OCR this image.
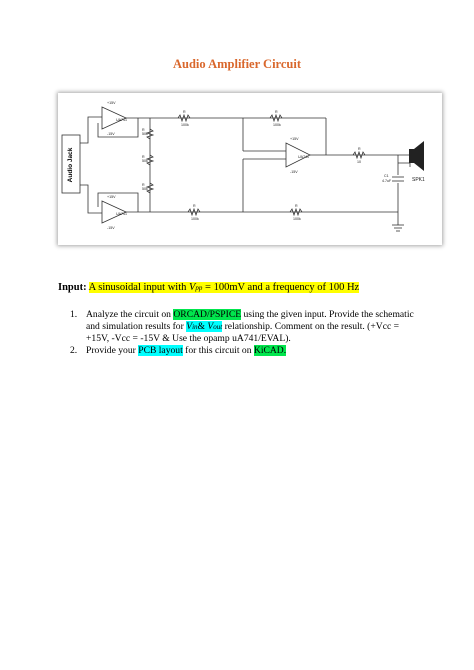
Audio Amplifier Circuit
Audio Jack
+15V
UA741
-15V
+15V
UA741
-15V
+15V
UA741
-15V
R
50k
R
50k
R
50k
R
100k
R
100k
R
100k
R
100k
R
10
C1
4.7uF	SPK1
Input: A sinusoidal input with Vpp = 100mV and a frequency of 100 Hz
1. Analyze the circuit on ORCAD/PSPICE using the given input. Provide the schematic and simulation results for Vin& Vout relationship. Comment on the result. (+Vcc = +15V, -Vcc = -15V & Use the opamp uA741/EVAL).
2. Provide your PCB layout for this circuit on KiCAD.
